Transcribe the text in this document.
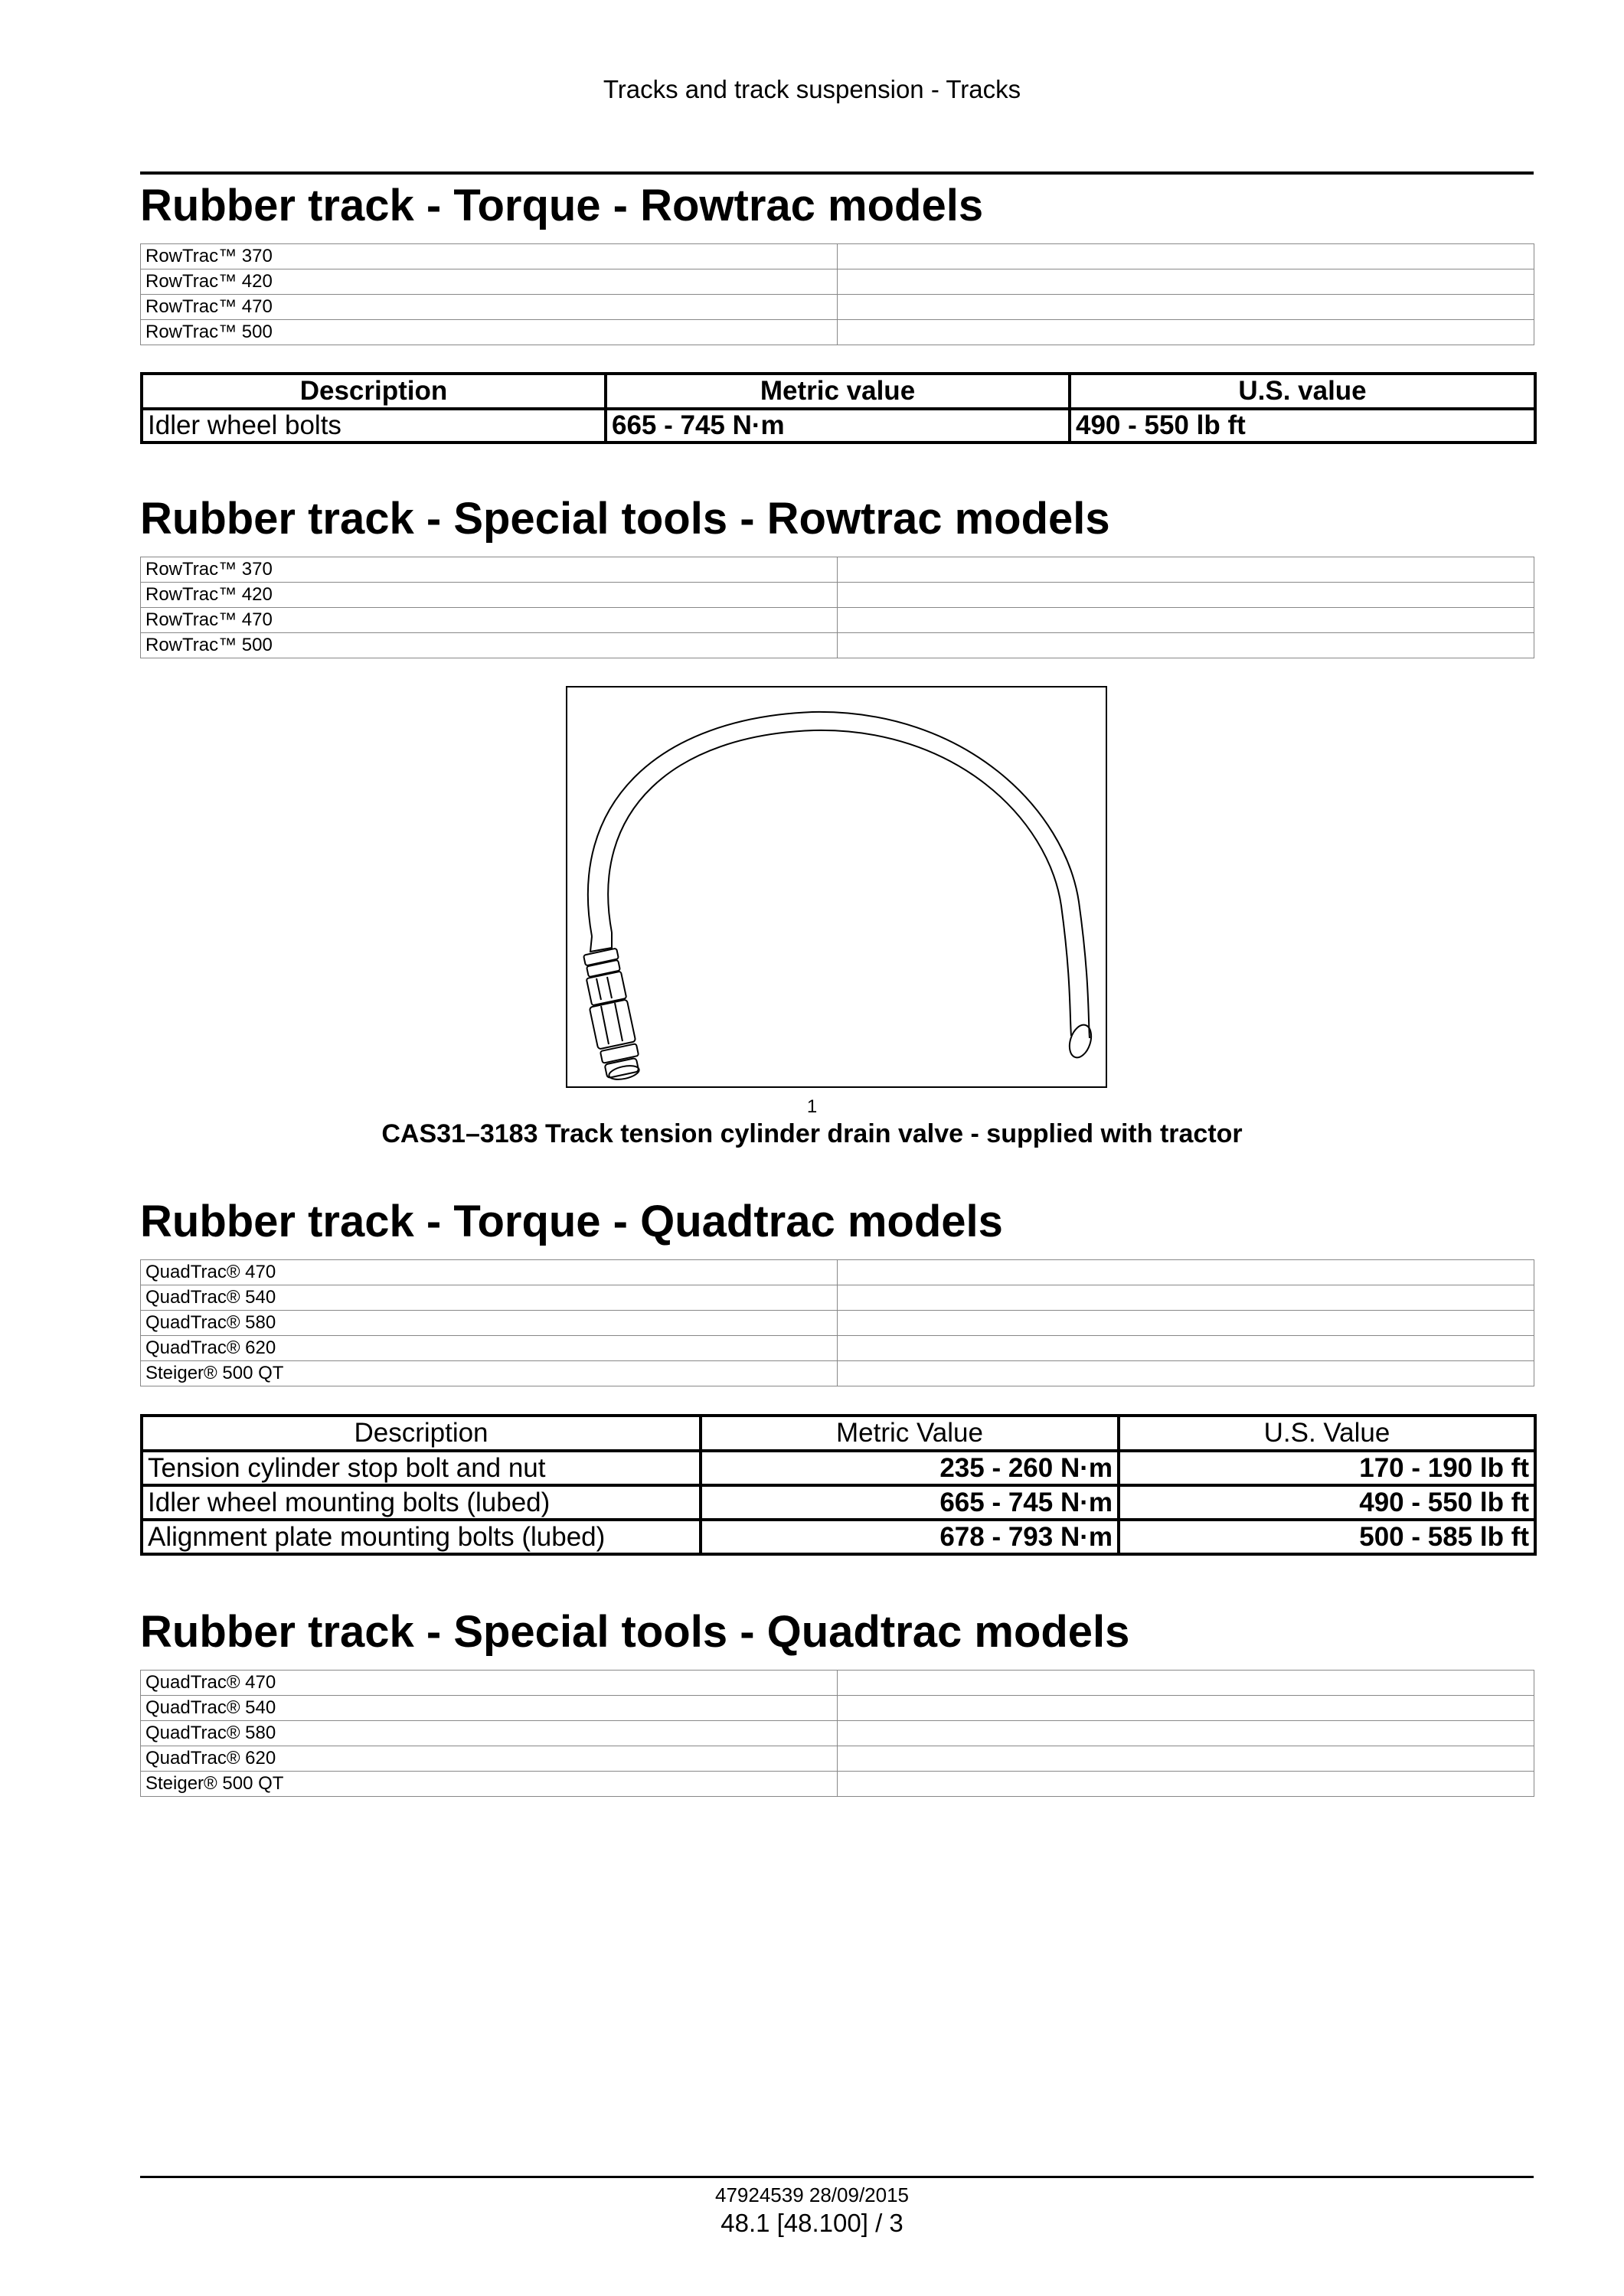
Tracks and track suspension - Tracks
Rubber track - Torque - Rowtrac models
RowTrac™ 370	
RowTrac™ 420	
RowTrac™ 470	
RowTrac™ 500	
Description	Metric value	U.S. value
Idler wheel bolts	665 - 745 N·m	490 - 550 lb ft
Rubber track - Special tools - Rowtrac models
RowTrac™ 370	
RowTrac™ 420	
RowTrac™ 470	
RowTrac™ 500	
1
CAS31–3183 Track tension cylinder drain valve - supplied with tractor
Rubber track - Torque - Quadtrac models
QuadTrac® 470	
QuadTrac® 540	
QuadTrac® 580	
QuadTrac® 620	
Steiger® 500 QT	
Description	Metric Value	U.S. Value
Tension cylinder stop bolt and nut	235 - 260 N·m	170 - 190 lb ft
Idler wheel mounting bolts (lubed)	665 - 745 N·m	490 - 550 lb ft
Alignment plate mounting bolts (lubed)	678 - 793 N·m	500 - 585 lb ft
Rubber track - Special tools - Quadtrac models
QuadTrac® 470	
QuadTrac® 540	
QuadTrac® 580	
QuadTrac® 620	
Steiger® 500 QT	
47924539 28/09/2015
48.1 [48.100] / 3
